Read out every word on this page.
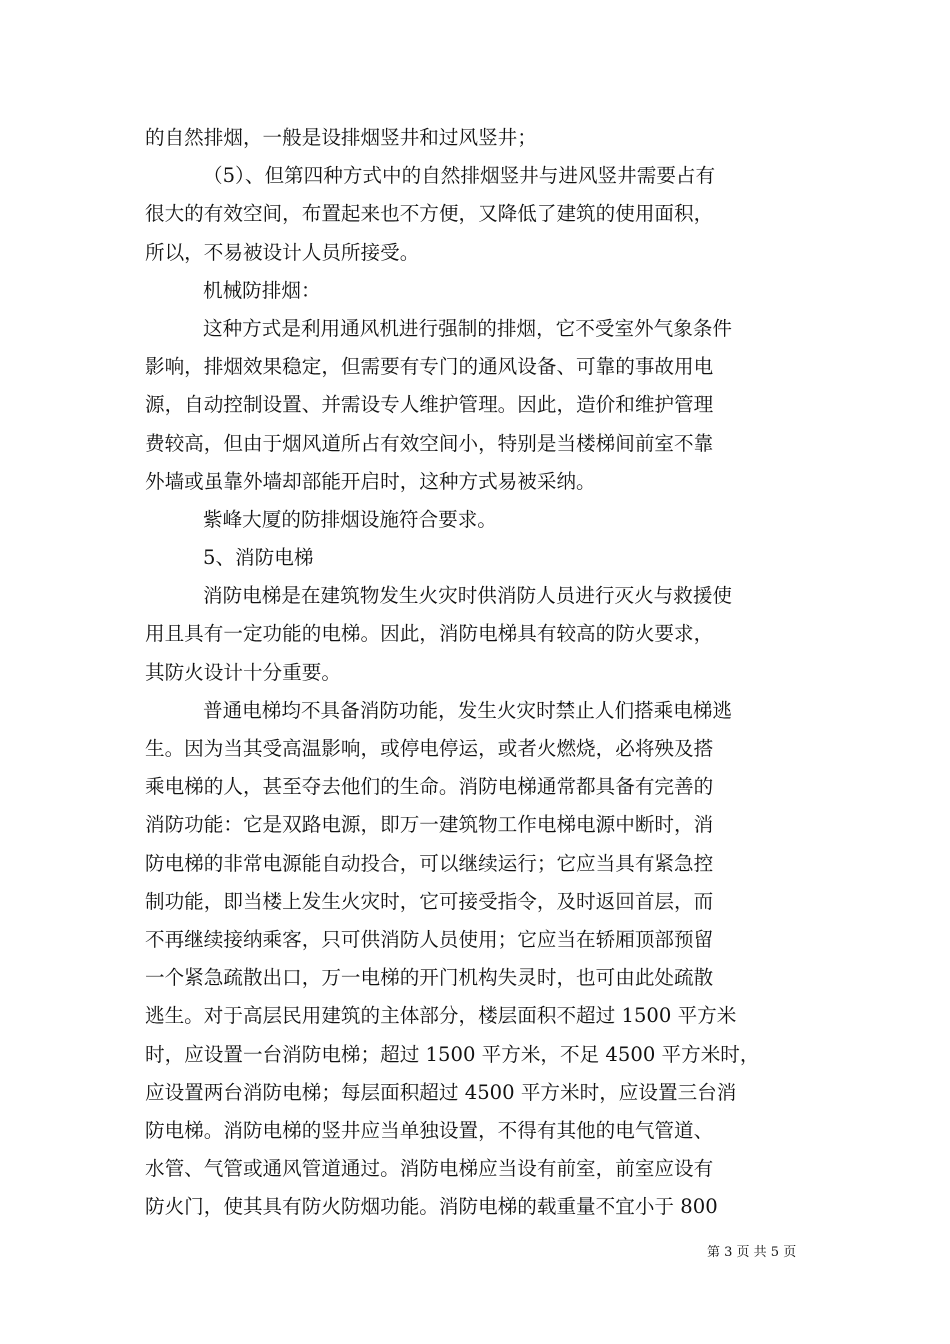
的自然排烟，一般是设排烟竖井和过风竖井；
（5）、但第四种方式中的自然排烟竖井与进风竖井需要占有
很大的有效空间，布置起来也不方便，又降低了建筑的使用面积，
所以，不易被设计人员所接受。
机械防排烟：
这种方式是利用通风机进行强制的排烟，它不受室外气象条件
影响，排烟效果稳定，但需要有专门的通风设备、可靠的事故用电
源，自动控制设置、并需设专人维护管理。因此，造价和维护管理
费较高，但由于烟风道所占有效空间小，特别是当楼梯间前室不靠
外墙或虽靠外墙却部能开启时，这种方式易被采纳。
紫峰大厦的防排烟设施符合要求。
5、消防电梯
消防电梯是在建筑物发生火灾时供消防人员进行灭火与救援使
用且具有一定功能的电梯。因此，消防电梯具有较高的防火要求，
其防火设计十分重要。
普通电梯均不具备消防功能，发生火灾时禁止人们搭乘电梯逃
生。因为当其受高温影响，或停电停运，或者火燃烧，必将殃及搭
乘电梯的人，甚至夺去他们的生命。消防电梯通常都具备有完善的
消防功能：它是双路电源，即万一建筑物工作电梯电源中断时，消
防电梯的非常电源能自动投合，可以继续运行；它应当具有紧急控
制功能，即当楼上发生火灾时，它可接受指令，及时返回首层，而
不再继续接纳乘客，只可供消防人员使用；它应当在轿厢顶部预留
一个紧急疏散出口，万一电梯的开门机构失灵时，也可由此处疏散
逃生。对于高层民用建筑的主体部分，楼层面积不超过 1500 平方米
时，应设置一台消防电梯；超过 1500 平方米，不足 4500 平方米时，
应设置两台消防电梯；每层面积超过 4500 平方米时，应设置三台消
防电梯。消防电梯的竖井应当单独设置，不得有其他的电气管道、
水管、气管或通风管道通过。消防电梯应当设有前室，前室应设有
防火门，使其具有防火防烟功能。消防电梯的载重量不宜小于 800
第 3 页 共 5 页
